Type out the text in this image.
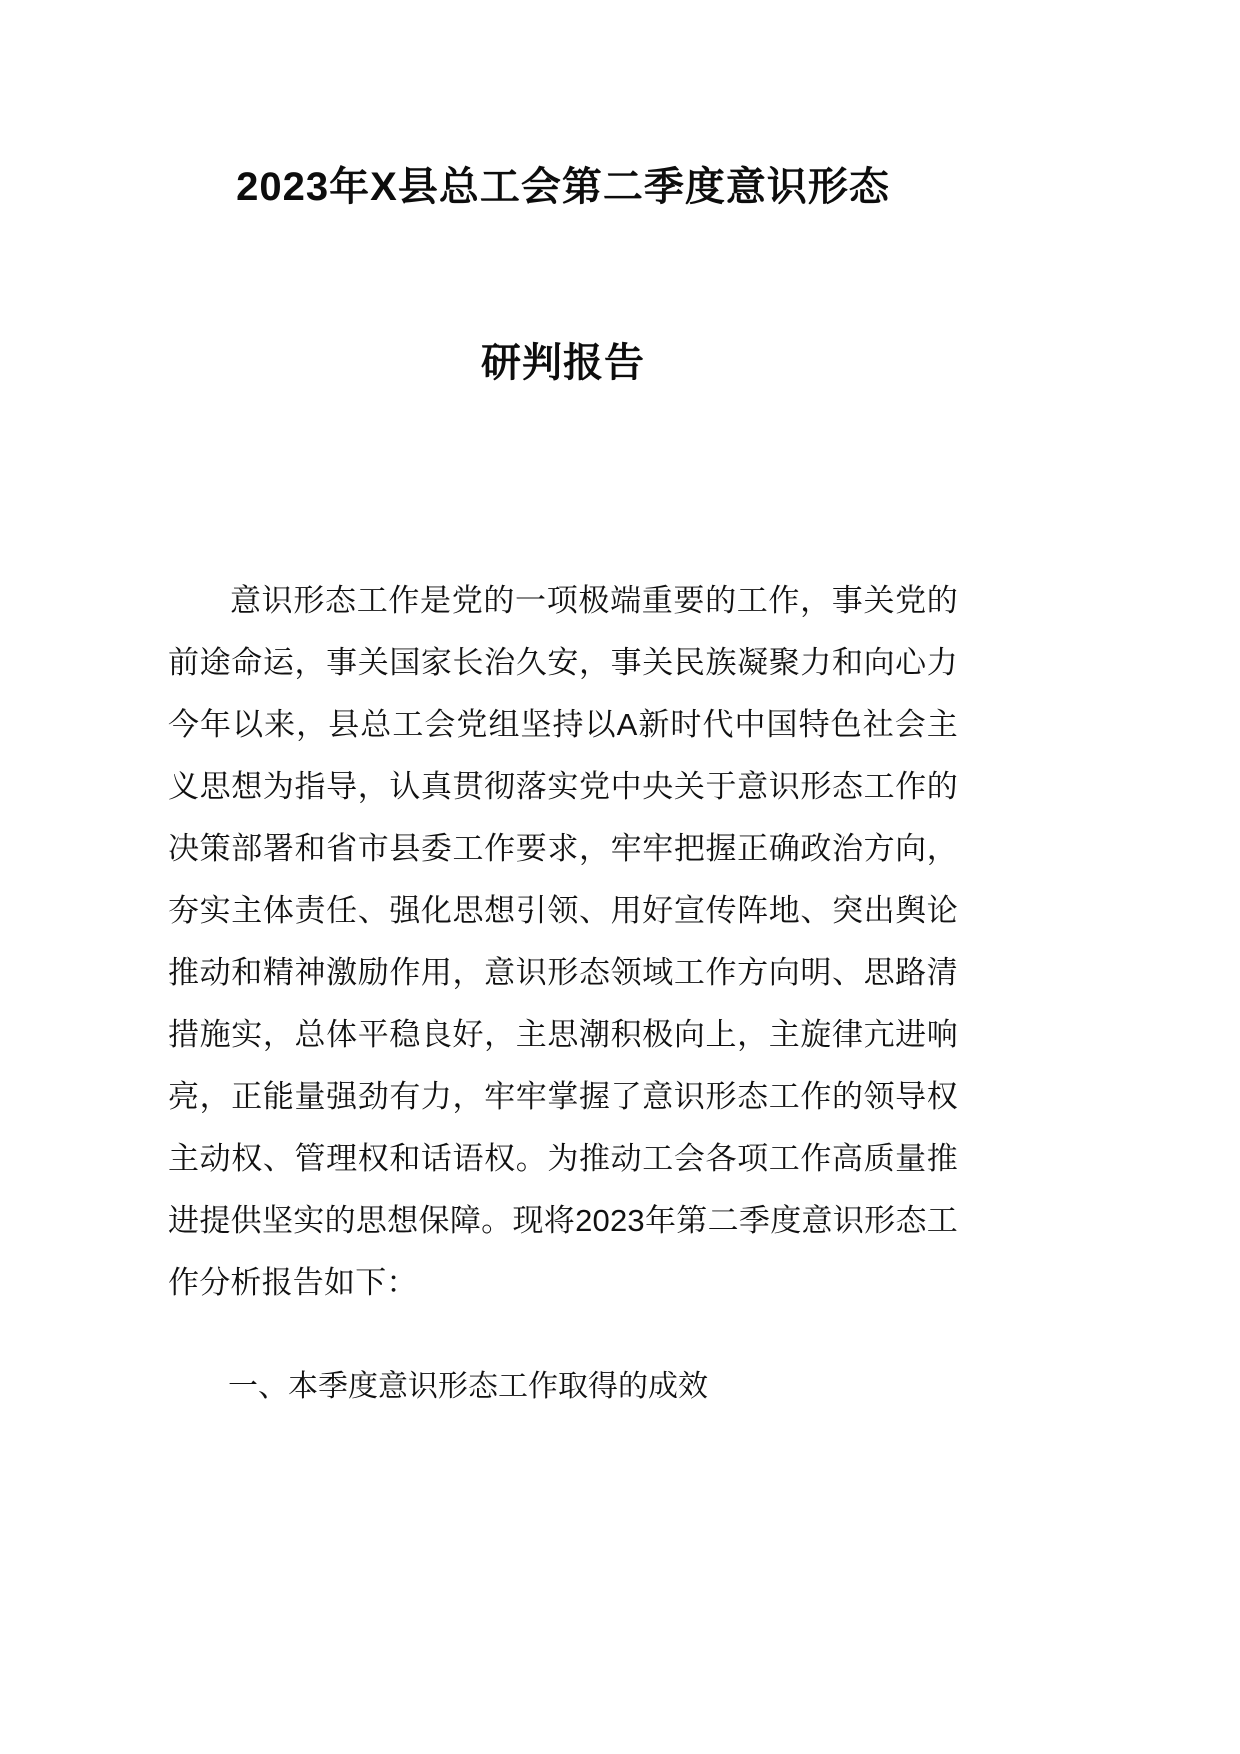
2023年X县总工会第二季度意识形态
研判报告

意识形态工作是党的一项极端重要的工作，事关党的前途命运，事关国家长治久安，事关民族凝聚力和向心力今年以来，县总工会党组坚持以A新时代中国特色社会主义思想为指导，认真贯彻落实党中央关于意识形态工作的决策部署和省市县委工作要求，牢牢把握正确政治方向，夯实主体责任、强化思想引领、用好宣传阵地、突出舆论推动和精神激励作用，意识形态领域工作方向明、思路清措施实，总体平稳良好，主思潮积极向上，主旋律亢进响亮，正能量强劲有力，牢牢掌握了意识形态工作的领导权主动权、管理权和话语权。为推动工会各项工作高质量推进提供坚实的思想保障。现将2023年第二季度意识形态工作分析报告如下：

一、本季度意识形态工作取得的成效
